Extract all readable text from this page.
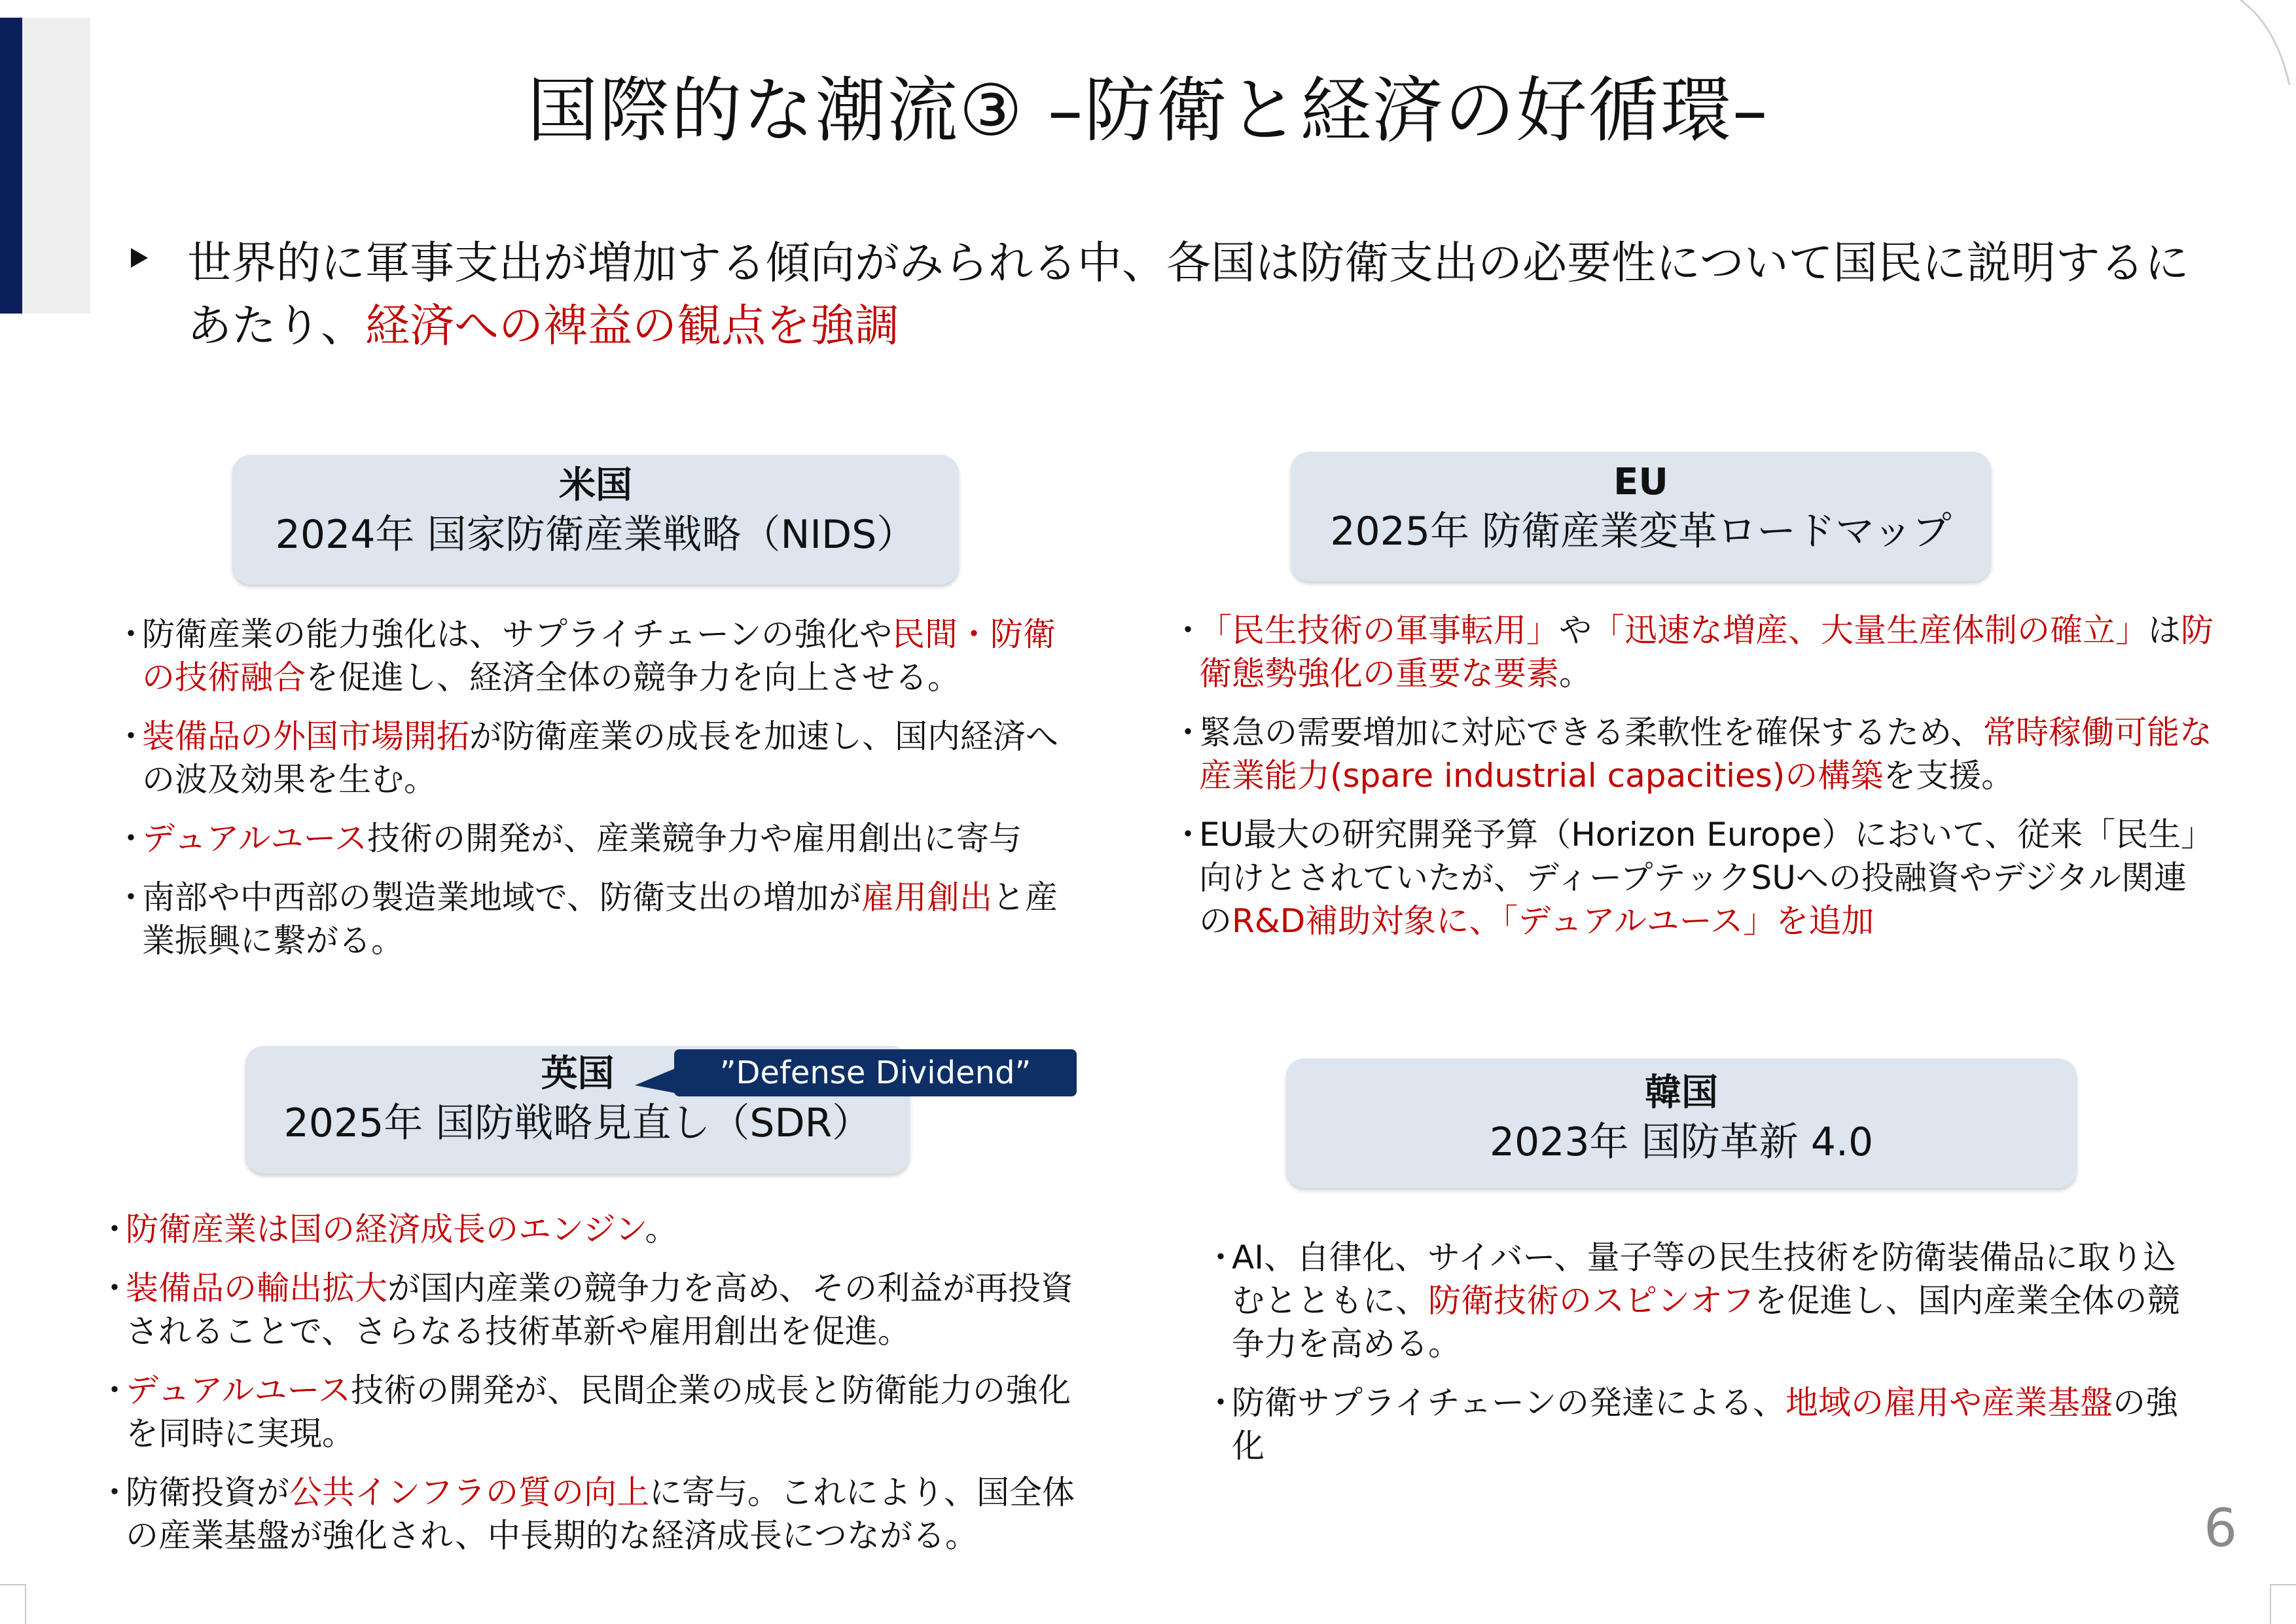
国際的な潮流③ –防衛と経済の好循環–
世界的に軍事支出が増加する傾向がみられる中、各国は防衛支出の必要性について国民に説明するにあたり、経済への裨益の観点を強調
米国
2024年 国家防衛産業戦略（NIDS）
・
防衛産業の能力強化は、サプライチェーンの強化や民間・防衛の技術融合を促進し、経済全体の競争力を向上させる。
・
装備品の外国市場開拓が防衛産業の成長を加速し、国内経済への波及効果を生む。
・
デュアルユース技術の開発が、産業競争力や雇用創出に寄与
・
南部や中西部の製造業地域で、防衛支出の増加が雇用創出と産業振興に繋がる。
EU
2025年 防衛産業変革ロードマップ
・
「民生技術の軍事転用」や「迅速な増産、大量生産体制の確立」は防衛態勢強化の重要な要素。
・
緊急の需要増加に対応できる柔軟性を確保するため、常時稼働可能な産業能力(spare industrial capacities)の構築を支援。
・
EU最大の研究開発予算（Horizon Europe）において、従来「民生」向けとされていたが、ディープテックSUへの投融資やデジタル関連のR&D補助対象に、「デュアルユース」を追加
英国
2025年 国防戦略見直し（SDR）
”Defense Dividend”
・
防衛産業は国の経済成長のエンジン。
・
装備品の輸出拡大が国内産業の競争力を高め、その利益が再投資されることで、さらなる技術革新や雇用創出を促進。
・
デュアルユース技術の開発が、民間企業の成長と防衛能力の強化を同時に実現。
・
防衛投資が公共インフラの質の向上に寄与。これにより、国全体の産業基盤が強化され、中長期的な経済成長につながる。
韓国
2023年 国防革新 4.0
・
AI、自律化、サイバー、量子等の民生技術を防衛装備品に取り込むとともに、防衛技術のスピンオフを促進し、国内産業全体の競争力を高める。
・
防衛サプライチェーンの発達による、地域の雇用や産業基盤の強化
6
